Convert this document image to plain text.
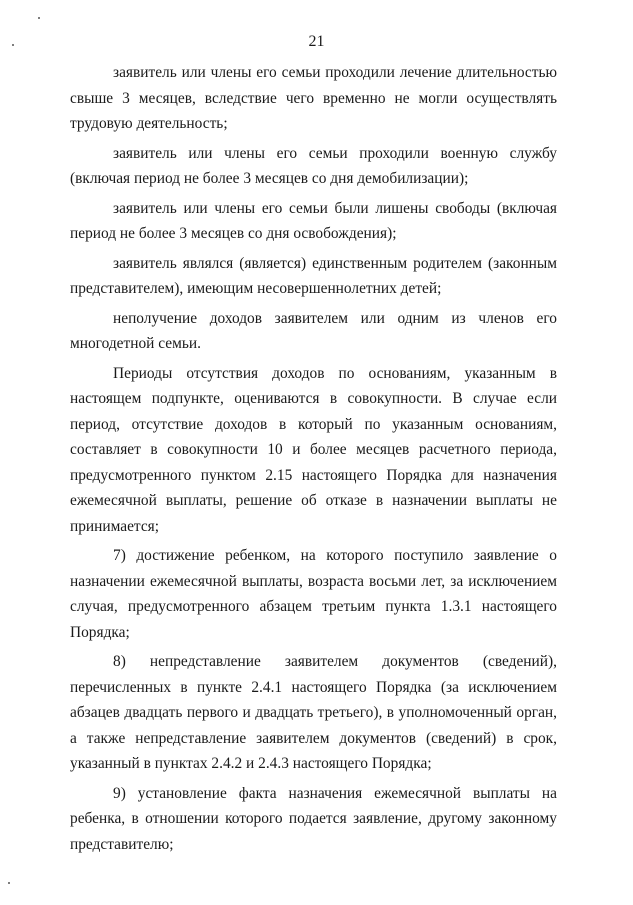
21

заявитель или члены его семьи проходили лечение длительностью свыше 3 месяцев, вследствие чего временно не могли осуществлять трудовую деятельность;

заявитель или члены его семьи проходили военную службу (включая период не более 3 месяцев со дня демобилизации);

заявитель или члены его семьи были лишены свободы (включая период не более 3 месяцев со дня освобождения);

заявитель являлся (является) единственным родителем (законным представителем), имеющим несовершеннолетних детей;

неполучение доходов заявителем или одним из членов его многодетной семьи.

Периоды отсутствия доходов по основаниям, указанным в настоящем подпункте, оцениваются в совокупности. В случае если период, отсутствие доходов в который по указанным основаниям, составляет в совокупности 10 и более месяцев расчетного периода, предусмотренного пунктом 2.15 настоящего Порядка для назначения ежемесячной выплаты, решение об отказе в назначении выплаты не принимается;

7) достижение ребенком, на которого поступило заявление о назначении ежемесячной выплаты, возраста восьми лет, за исключением случая, предусмотренного абзацем третьим пункта 1.3.1 настоящего Порядка;

8) непредставление заявителем документов (сведений), перечисленных в пункте 2.4.1 настоящего Порядка (за исключением абзацев двадцать первого и двадцать третьего), в уполномоченный орган, а также непредставление заявителем документов (сведений) в срок, указанный в пунктах 2.4.2 и 2.4.3 настоящего Порядка;

9) установление факта назначения ежемесячной выплаты на ребенка, в отношении которого подается заявление, другому законному представителю;
